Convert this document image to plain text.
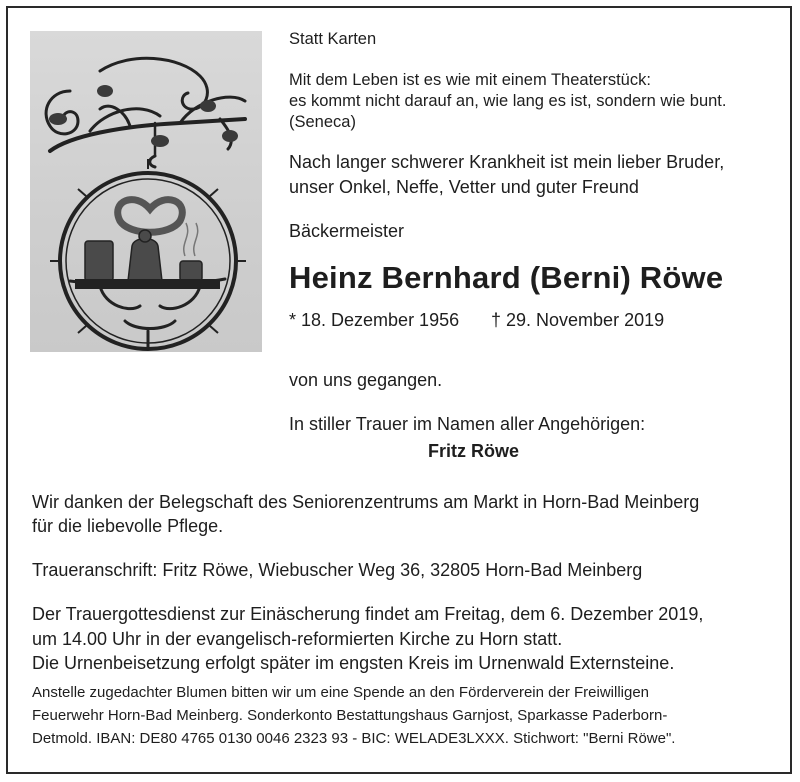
Statt Karten
Mit dem Leben ist es wie mit einem Theaterstück:
es kommt nicht darauf an, wie lang es ist, sondern wie bunt.
(Seneca)
Nach langer schwerer Krankheit ist mein lieber Bruder,
unser Onkel, Neffe, Vetter und guter Freund
Bäckermeister
Heinz Bernhard (Berni) Röwe
* 18. Dezember 1956 † 29. November 2019
von uns gegangen.
In stiller Trauer im Namen aller Angehörigen:
Fritz Röwe
Wir danken der Belegschaft des Seniorenzentrums am Markt in Horn-Bad Meinberg
für die liebevolle Pflege.
Traueranschrift: Fritz Röwe, Wiebuscher Weg 36, 32805 Horn-Bad Meinberg
Der Trauergottesdienst zur Einäscherung findet am Freitag, dem 6. Dezember 2019,
um 14.00 Uhr in der evangelisch-reformierten Kirche zu Horn statt.
Die Urnenbeisetzung erfolgt später im engsten Kreis im Urnenwald Externsteine.
Anstelle zugedachter Blumen bitten wir um eine Spende an den Förderverein der Freiwilligen
Feuerwehr Horn-Bad Meinberg. Sonderkonto Bestattungshaus Garnjost, Sparkasse Paderborn-
Detmold. IBAN: DE80 4765 0130 0046 2323 93 - BIC: WELADE3LXXX. Stichwort: "Berni Röwe".
